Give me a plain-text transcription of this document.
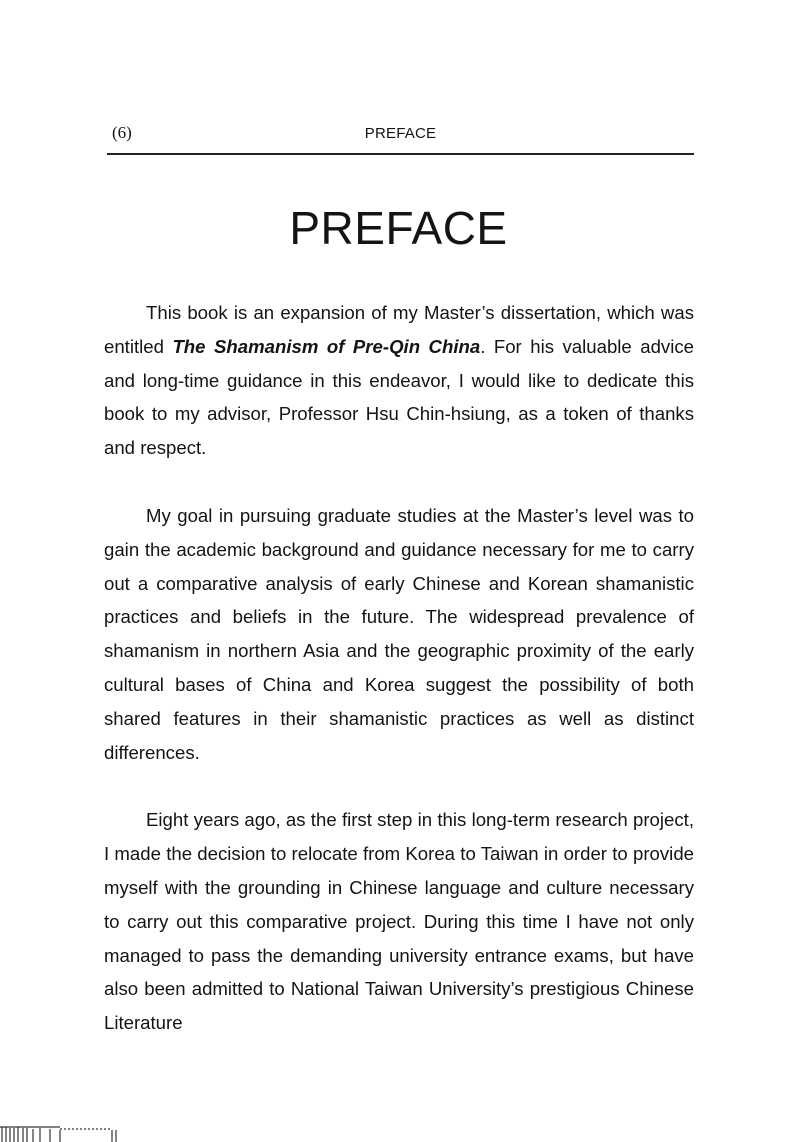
(6)	PREFACE
PREFACE

This book is an expansion of my Master’s dissertation, which was entitled The Shamanism of Pre-Qin China. For his valuable advice and long-time guidance in this endeavor, I would like to dedicate this book to my advisor, Professor Hsu Chin-hsiung, as a token of thanks and respect.

My goal in pursuing graduate studies at the Master’s level was to gain the academic background and guidance necessary for me to carry out a comparative analysis of early Chinese and Korean shamanistic practices and beliefs in the future. The widespread prevalence of shamanism in northern Asia and the geographic proximity of the early cultural bases of China and Korea suggest the possibility of both shared features in their shamanistic practices as well as distinct differences.

Eight years ago, as the first step in this long-term research project, I made the decision to relocate from Korea to Taiwan in order to provide myself with the grounding in Chinese language and culture necessary to carry out this comparative project. During this time I have not only managed to pass the demanding university entrance exams, but have also been admitted to National Taiwan University’s prestigious Chinese Literature
